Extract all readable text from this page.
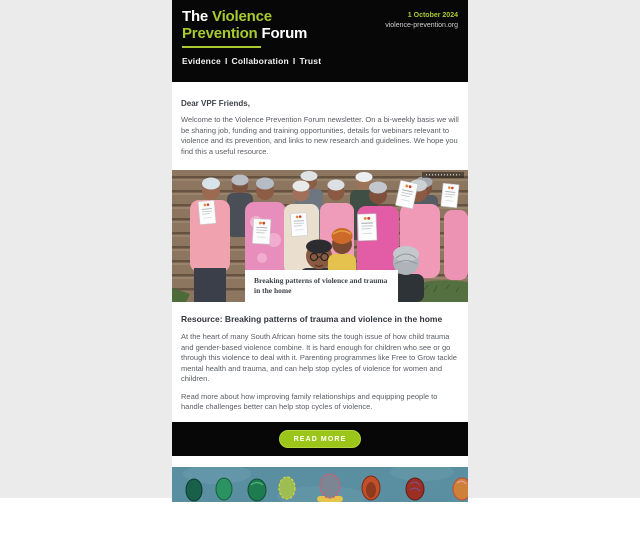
The Violence
Prevention Forum
1 October 2024
violence-prevention.org
Evidence I Collaboration I Trust
Dear VPF Friends,
Welcome to the Violence Prevention Forum newsletter. On a bi-weekly basis we will be sharing job, funding and training opportunities, details for webinars relevant to violence and its prevention, and links to new research and guidelines. We hope you find this a useful resource.
Breaking patterns of violence and trauma in the home
Resource: Breaking patterns of trauma and violence in the home
At the heart of many South African home sits the tough issue of how child trauma and gender-based violence combine. It is hard enough for children who see or go through this violence to deal with it. Parenting programmes like Free to Grow tackle mental health and trauma, and can help stop cycles of violence for women and children.
Read more about how improving family relationships and equipping people to handle challenges better can help stop cycles of violence.
READ MORE
